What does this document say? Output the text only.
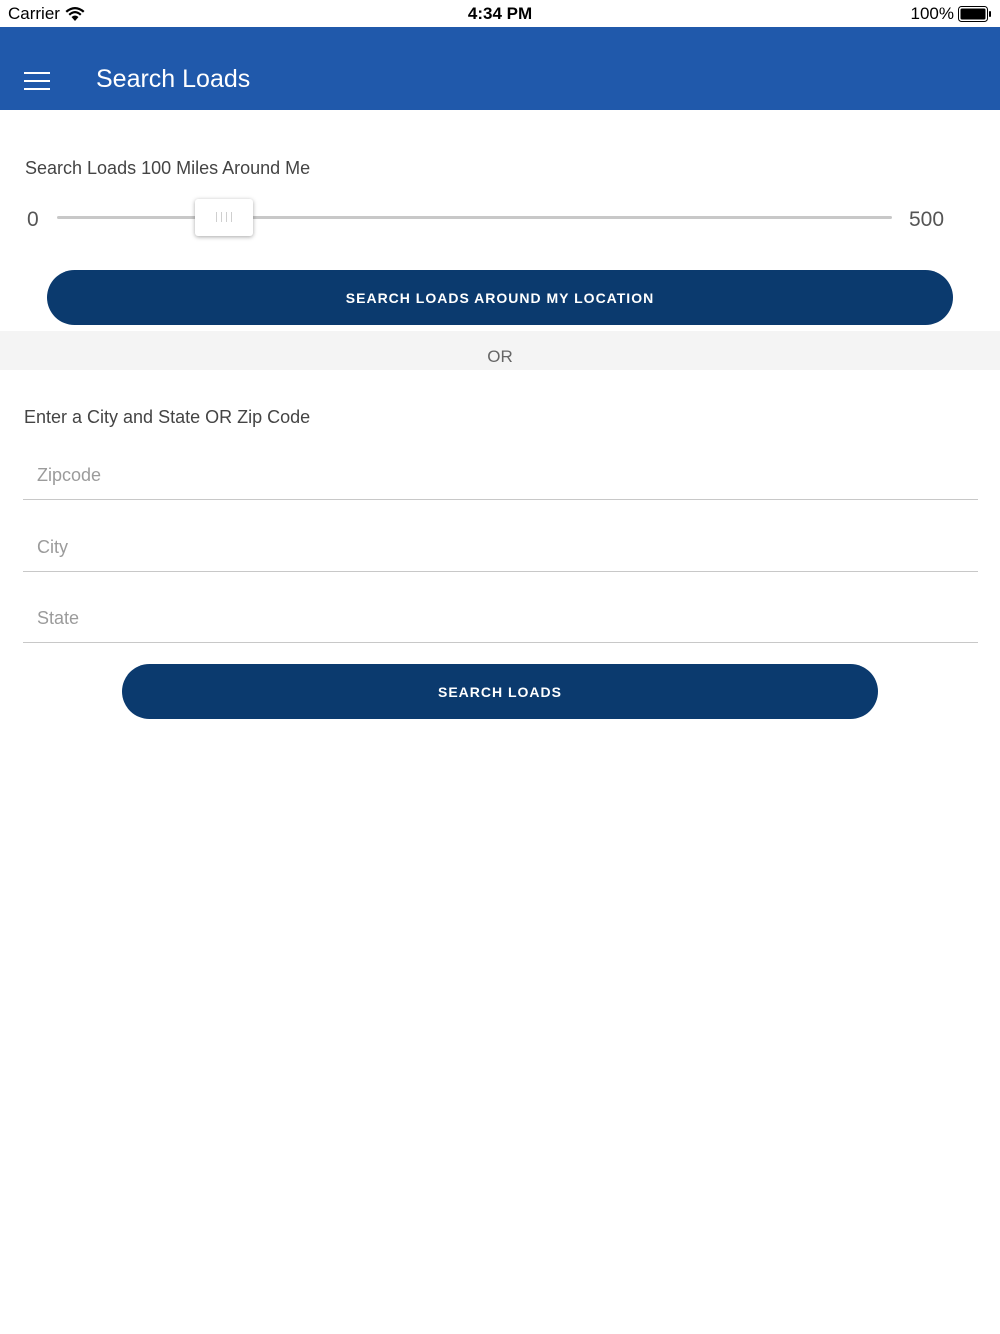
Carrier	4:34 PM	100%
Search Loads
Search Loads 100 Miles Around Me
0	500
SEARCH LOADS AROUND MY LOCATION
OR
Enter a City and State OR Zip Code
Zipcode
City
State
SEARCH LOADS
